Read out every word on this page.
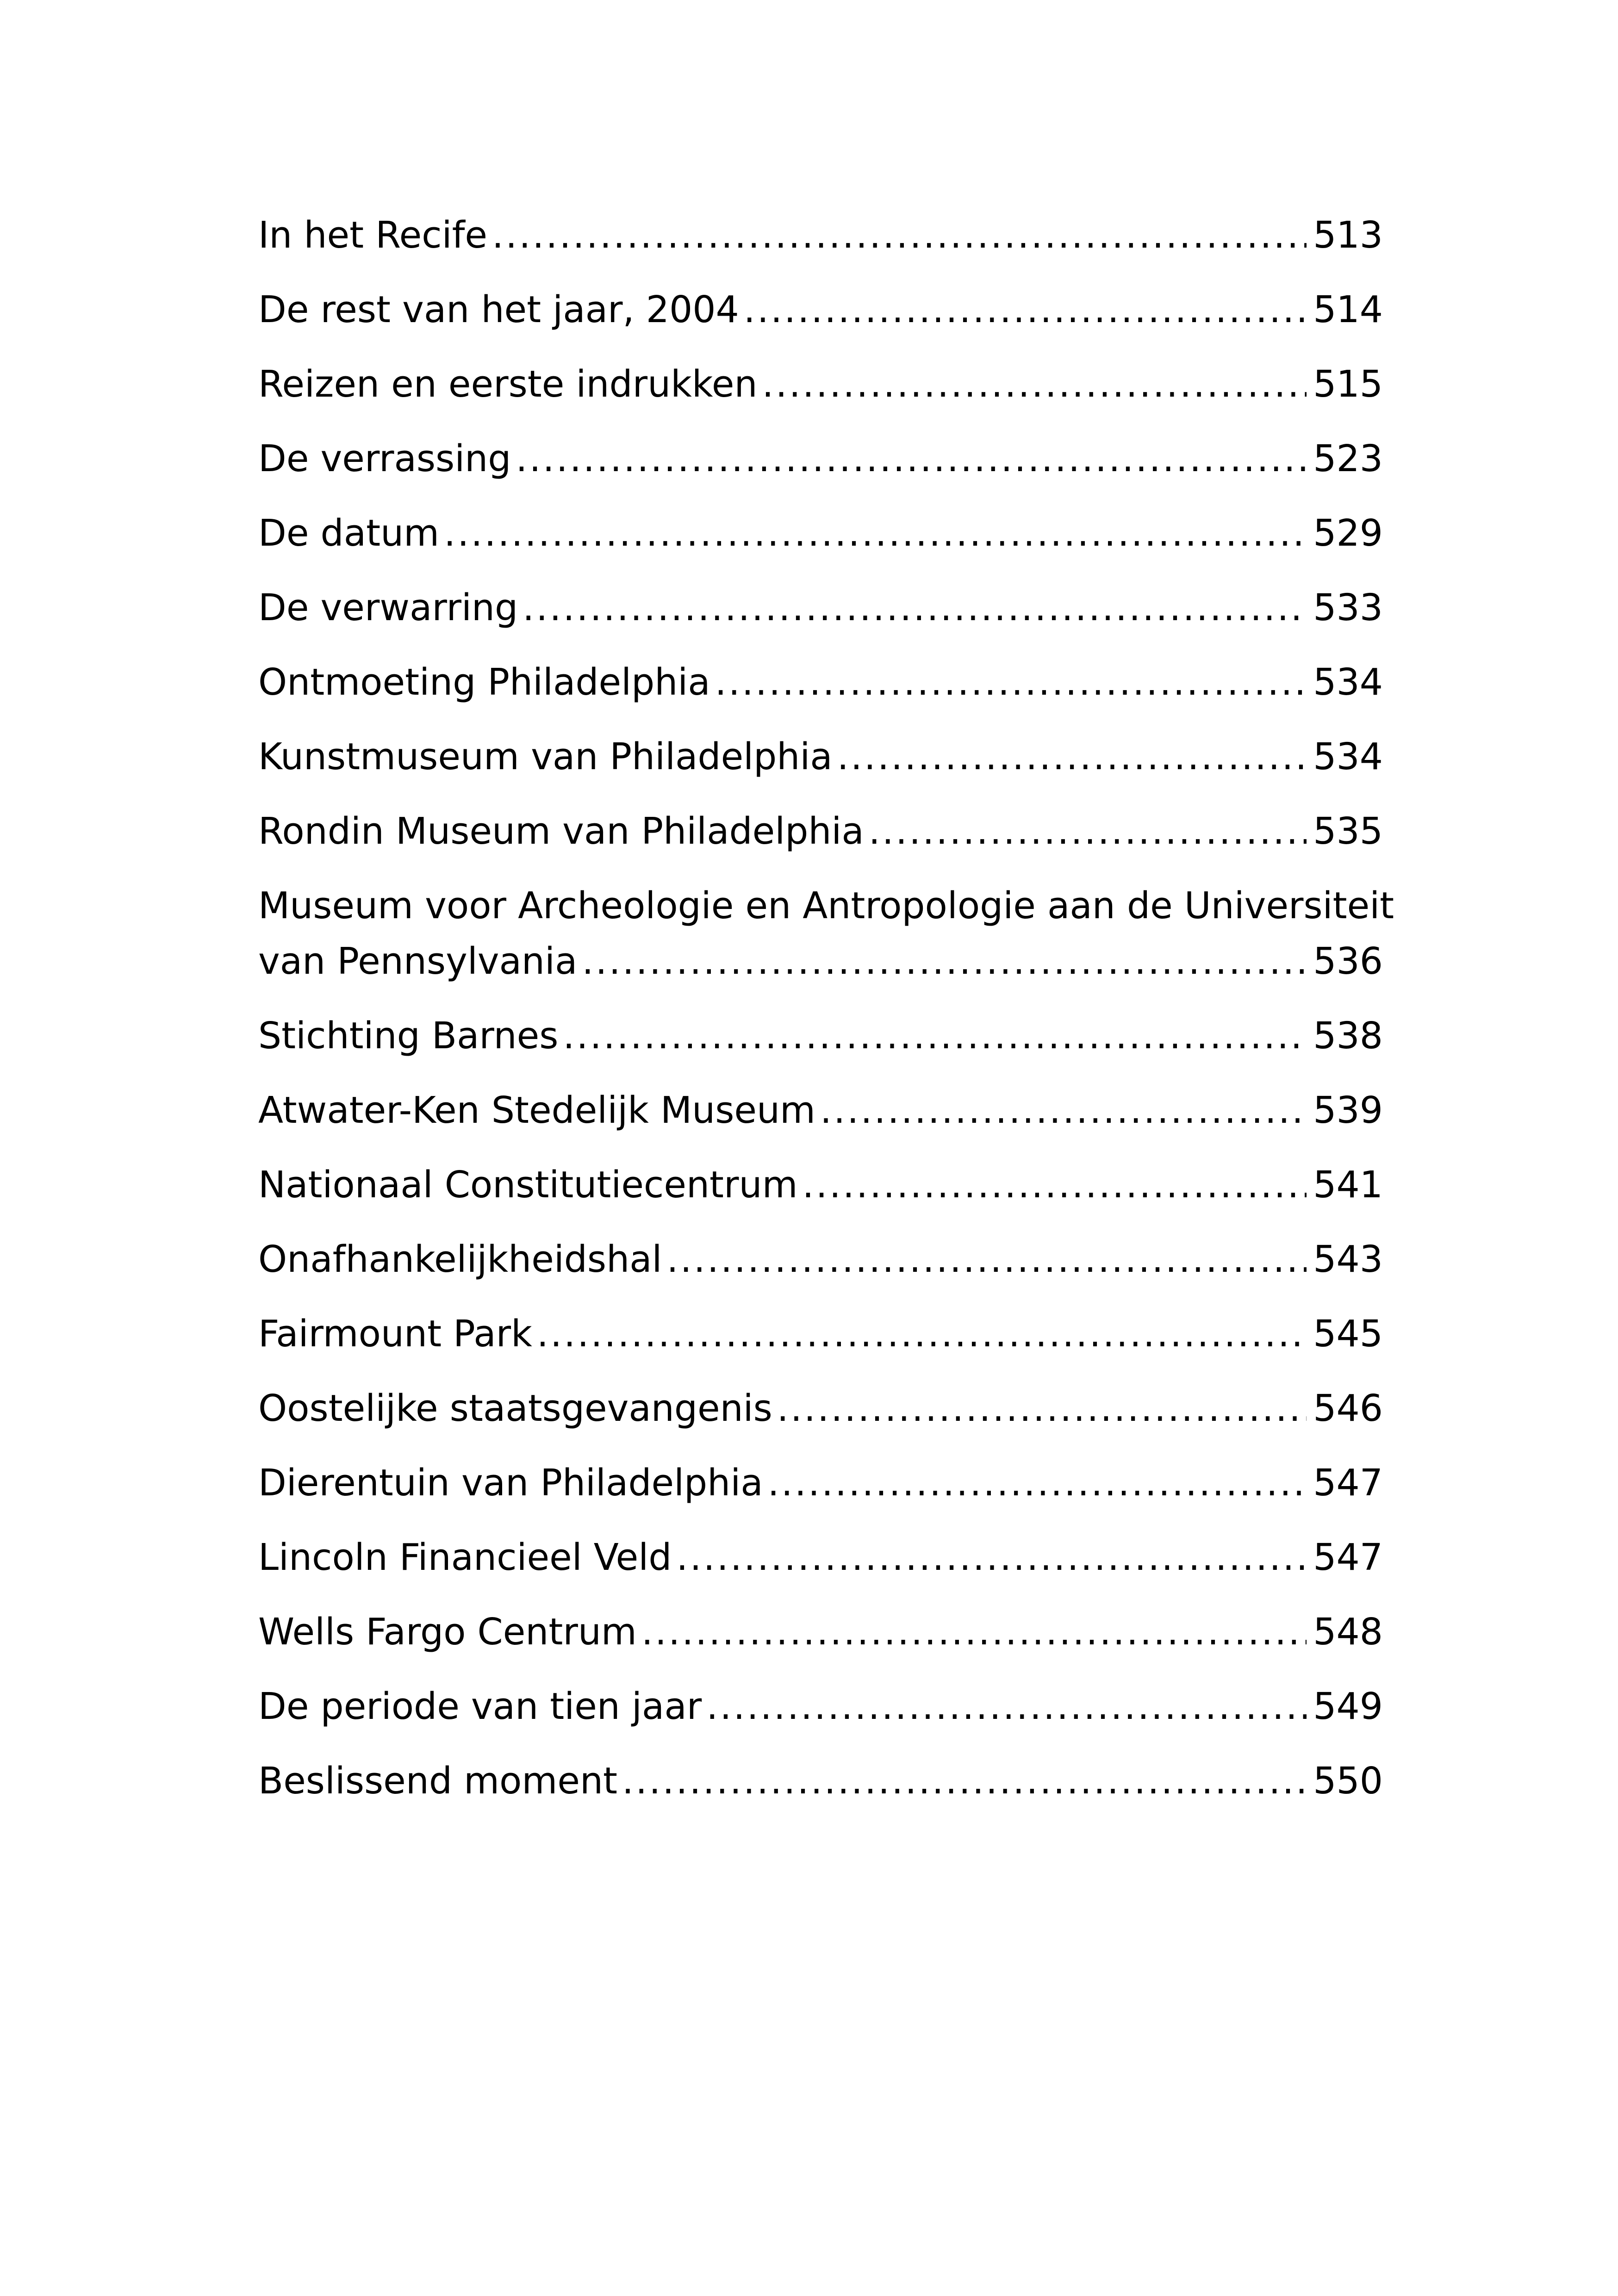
In het Recife .....	513
De rest van het jaar, 2004 .....	514
Reizen en eerste indrukken .....	515
De verrassing .....	523
De datum .....	529
De verwarring .....	533
Ontmoeting Philadelphia .....	534
Kunstmuseum van Philadelphia .....	534
Rondin Museum van Philadelphia .....	535
Museum voor Archeologie en Antropologie aan de Universiteit
van Pennsylvania .....	536
Stichting Barnes .....	538
Atwater-Ken Stedelijk Museum .....	539
Nationaal Constitutiecentrum .....	541
Onafhankelijkheidshal .....	543
Fairmount Park .....	545
Oostelijke staatsgevangenis .....	546
Dierentuin van Philadelphia .....	547
Lincoln Financieel Veld .....	547
Wells Fargo Centrum .....	548
De periode van tien jaar .....	549
Beslissend moment .....	550
